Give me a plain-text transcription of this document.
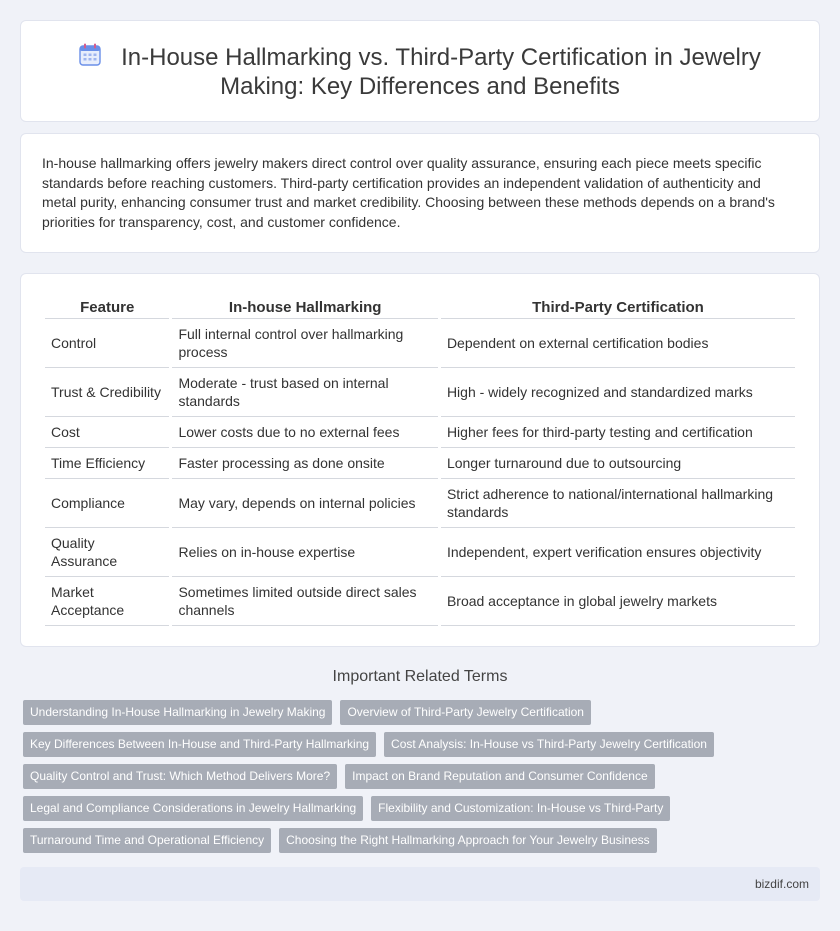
In-House Hallmarking vs. Third-Party Certification in Jewelry
Making: Key Differences and Benefits

In-house hallmarking offers jewelry makers direct control over quality assurance, ensuring each piece meets specific standards before reaching customers. Third-party certification provides an independent validation of authenticity and metal purity, enhancing consumer trust and market credibility. Choosing between these methods depends on a brand's priorities for transparency, cost, and customer confidence.

Feature	In-house Hallmarking	Third-Party Certification
Control	Full internal control over hallmarking process	Dependent on external certification bodies
Trust & Credibility	Moderate - trust based on internal standards	High - widely recognized and standardized marks
Cost	Lower costs due to no external fees	Higher fees for third-party testing and certification
Time Efficiency	Faster processing as done onsite	Longer turnaround due to outsourcing
Compliance	May vary, depends on internal policies	Strict adherence to national/international hallmarking standards
Quality Assurance	Relies on in-house expertise	Independent, expert verification ensures objectivity
Market Acceptance	Sometimes limited outside direct sales channels	Broad acceptance in global jewelry markets
Important Related Terms
Understanding In-House Hallmarking in Jewelry Making	Overview of Third-Party Jewelry Certification
Key Differences Between In-House and Third-Party Hallmarking	Cost Analysis: In-House vs Third-Party Jewelry Certification
Quality Control and Trust: Which Method Delivers More?	Impact on Brand Reputation and Consumer Confidence
Legal and Compliance Considerations in Jewelry Hallmarking	Flexibility and Customization: In-House vs Third-Party
Turnaround Time and Operational Efficiency	Choosing the Right Hallmarking Approach for Your Jewelry Business
bizdif.com
